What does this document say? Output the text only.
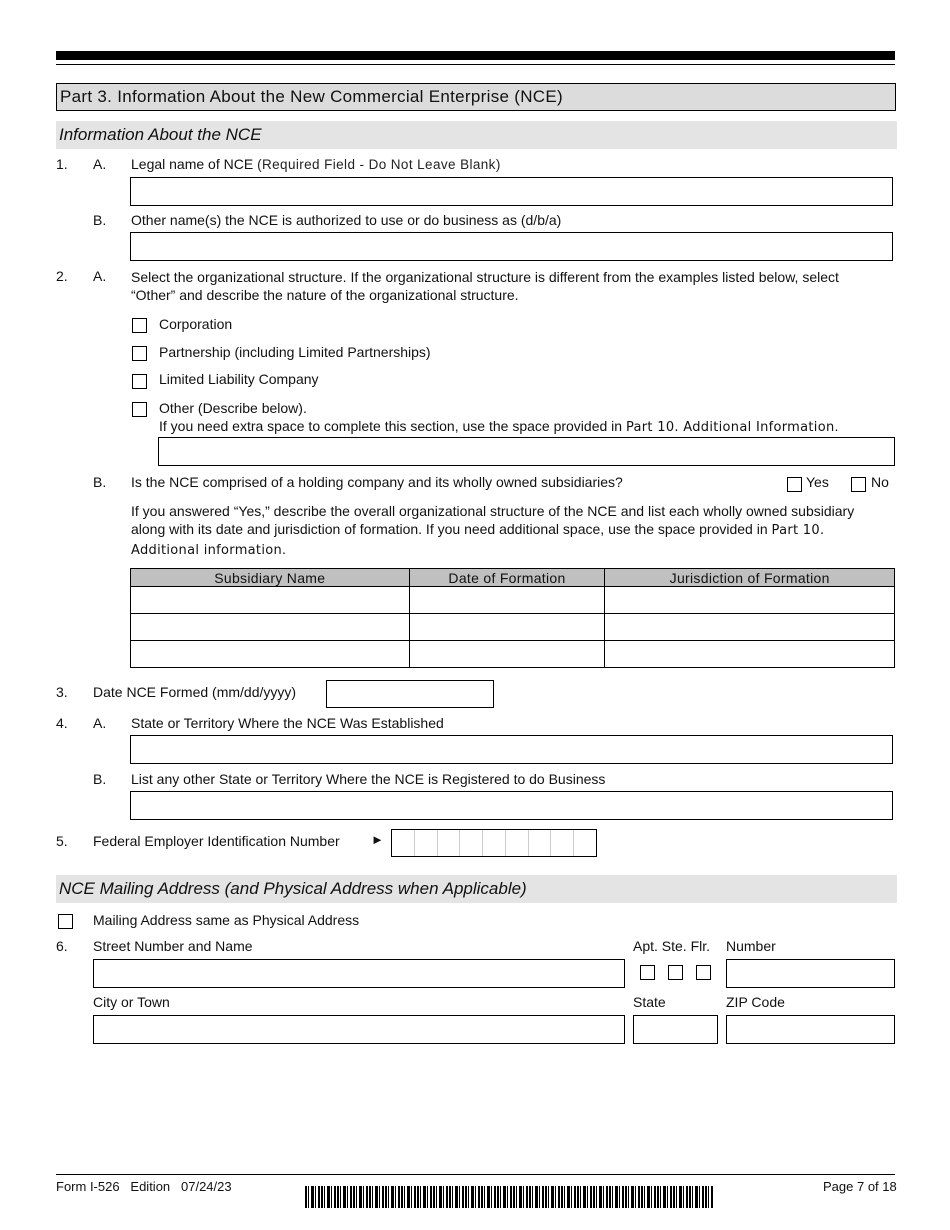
Part 3. Information About the New Commercial Enterprise (NCE)
Information About the NCE
1. A. Legal name of NCE (Required Field - Do Not Leave Blank)
B. Other name(s) the NCE is authorized to use or do business as (d/b/a)
2. A. Select the organizational structure. If the organizational structure is different from the examples listed below, select
“Other” and describe the nature of the organizational structure.
Corporation
Partnership (including Limited Partnerships)
Limited Liability Company
Other (Describe below).
If you need extra space to complete this section, use the space provided in Part 10. Additional Information.
B. Is the NCE comprised of a holding company and its wholly owned subsidiaries?	Yes	No
If you answered “Yes,” describe the overall organizational structure of the NCE and list each wholly owned subsidiary
along with its date and jurisdiction of formation. If you need additional space, use the space provided in Part 10.
Additional information.
Subsidiary Name	Date of Formation	Jurisdiction of Formation

3. Date NCE Formed (mm/dd/yyyy)
4. A. State or Territory Where the NCE Was Established
B. List any other State or Territory Where the NCE is Registered to do Business
5. Federal Employer Identification Number ►
NCE Mailing Address (and Physical Address when Applicable)
Mailing Address same as Physical Address
6. Street Number and Name	Apt. Ste. Flr. Number
City or Town	State	ZIP Code
Form I-526   Edition   07/24/23	Page 7 of 18
